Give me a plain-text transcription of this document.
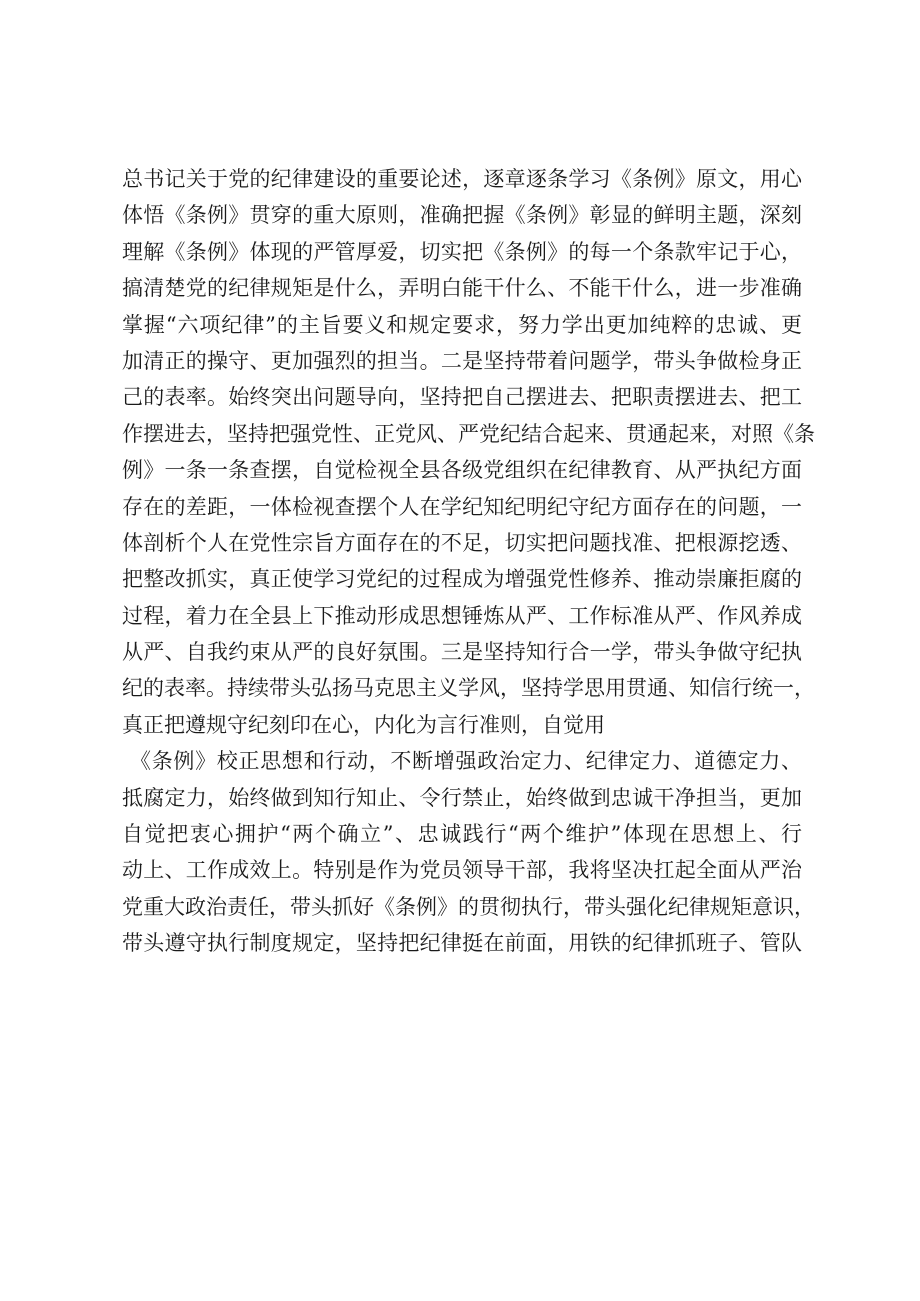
总书记关于党的纪律建设的重要论述，逐章逐条学习《条例》原文，用心
体悟《条例》贯穿的重大原则，准确把握《条例》彰显的鲜明主题，深刻
理解《条例》体现的严管厚爱，切实把《条例》的每一个条款牢记于心，
搞清楚党的纪律规矩是什么，弄明白能干什么、不能干什么，进一步准确
掌握“六项纪律”的主旨要义和规定要求，努力学出更加纯粹的忠诚、更
加清正的操守、更加强烈的担当。二是坚持带着问题学，带头争做检身正
己的表率。始终突出问题导向，坚持把自己摆进去、把职责摆进去、把工
作摆进去，坚持把强党性、正党风、严党纪结合起来、贯通起来，对照《条
例》一条一条查摆，自觉检视全县各级党组织在纪律教育、从严执纪方面
存在的差距，一体检视查摆个人在学纪知纪明纪守纪方面存在的问题，一
体剖析个人在党性宗旨方面存在的不足，切实把问题找准、把根源挖透、
把整改抓实，真正使学习党纪的过程成为增强党性修养、推动崇廉拒腐的
过程，着力在全县上下推动形成思想锤炼从严、工作标准从严、作风养成
从严、自我约束从严的良好氛围。三是坚持知行合一学，带头争做守纪执
纪的表率。持续带头弘扬马克思主义学风，坚持学思用贯通、知信行统一，
真正把遵规守纪刻印在心，内化为言行准则，自觉用
《条例》校正思想和行动，不断增强政治定力、纪律定力、道德定力、
抵腐定力，始终做到知行知止、令行禁止，始终做到忠诚干净担当，更加
自觉把衷心拥护“两个确立”、忠诚践行“两个维护”体现在思想上、行
动上、工作成效上。特别是作为党员领导干部，我将坚决扛起全面从严治
党重大政治责任，带头抓好《条例》的贯彻执行，带头强化纪律规矩意识，
带头遵守执行制度规定，坚持把纪律挺在前面，用铁的纪律抓班子、管队
